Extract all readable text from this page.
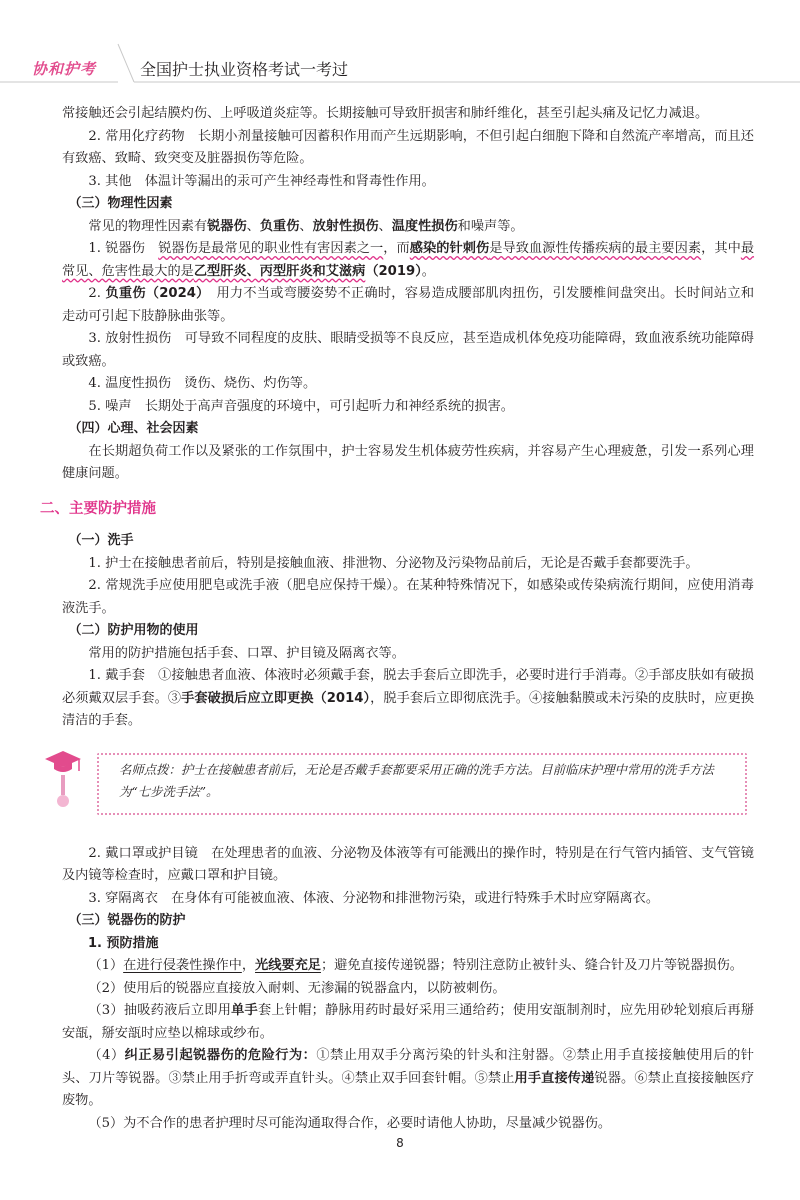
协和护考	全国护士执业资格考试一考过

常接触还会引起结膜灼伤、上呼吸道炎症等。长期接触可导致肝损害和肺纤维化，甚至引起头痛及记忆力减退。

2. 常用化疗药物　长期小剂量接触可因蓄积作用而产生远期影响，不但引起白细胞下降和自然流产率增高，而且还有致癌、致畸、致突变及脏器损伤等危险。

3. 其他　体温计等漏出的汞可产生神经毒性和肾毒性作用。

（三）物理性因素

常见的物理性因素有锐器伤、负重伤、放射性损伤、温度性损伤和噪声等。

1. 锐器伤　锐器伤是最常见的职业性有害因素之一，而感染的针刺伤是导致血源性传播疾病的最主要因素，其中最常见、危害性最大的是乙型肝炎、丙型肝炎和艾滋病（2019）。

2. 负重伤（2024）　用力不当或弯腰姿势不正确时，容易造成腰部肌肉扭伤，引发腰椎间盘突出。长时间站立和走动可引起下肢静脉曲张等。

3. 放射性损伤　可导致不同程度的皮肤、眼睛受损等不良反应，甚至造成机体免疫功能障碍，致血液系统功能障碍或致癌。

4. 温度性损伤　烫伤、烧伤、灼伤等。

5. 噪声　长期处于高声音强度的环境中，可引起听力和神经系统的损害。

（四）心理、社会因素

在长期超负荷工作以及紧张的工作氛围中，护士容易发生机体疲劳性疾病，并容易产生心理疲惫，引发一系列心理健康问题。

二、主要防护措施

（一）洗手

1. 护士在接触患者前后，特别是接触血液、排泄物、分泌物及污染物品前后，无论是否戴手套都要洗手。

2. 常规洗手应使用肥皂或洗手液（肥皂应保持干燥）。在某种特殊情况下，如感染或传染病流行期间，应使用消毒液洗手。

（二）防护用物的使用

常用的防护措施包括手套、口罩、护目镜及隔离衣等。

1. 戴手套　①接触患者血液、体液时必须戴手套，脱去手套后立即洗手，必要时进行手消毒。②手部皮肤如有破损必须戴双层手套。③手套破损后应立即更换（2014），脱手套后立即彻底洗手。④接触黏膜或未污染的皮肤时，应更换清洁的手套。

名师点拨：护士在接触患者前后，无论是否戴手套都要采用正确的洗手方法。目前临床护理中常用的洗手方法为“七步洗手法”。

2. 戴口罩或护目镜　在处理患者的血液、分泌物及体液等有可能溅出的操作时，特别是在行气管内插管、支气管镜及内镜等检查时，应戴口罩和护目镜。

3. 穿隔离衣　在身体有可能被血液、体液、分泌物和排泄物污染，或进行特殊手术时应穿隔离衣。

（三）锐器伤的防护

1. 预防措施

（1）在进行侵袭性操作中，光线要充足；避免直接传递锐器；特别注意防止被针头、缝合针及刀片等锐器损伤。

（2）使用后的锐器应直接放入耐刺、无渗漏的锐器盒内，以防被刺伤。

（3）抽吸药液后立即用单手套上针帽；静脉用药时最好采用三通给药；使用安瓿制剂时，应先用砂轮划痕后再掰安瓿，掰安瓿时应垫以棉球或纱布。

（4）纠正易引起锐器伤的危险行为：①禁止用双手分离污染的针头和注射器。②禁止用手直接接触使用后的针头、刀片等锐器。③禁止用手折弯或弄直针头。④禁止双手回套针帽。⑤禁止用手直接传递锐器。⑥禁止直接接触医疗废物。

（5）为不合作的患者护理时尽可能沟通取得合作，必要时请他人协助，尽量减少锐器伤。

8
